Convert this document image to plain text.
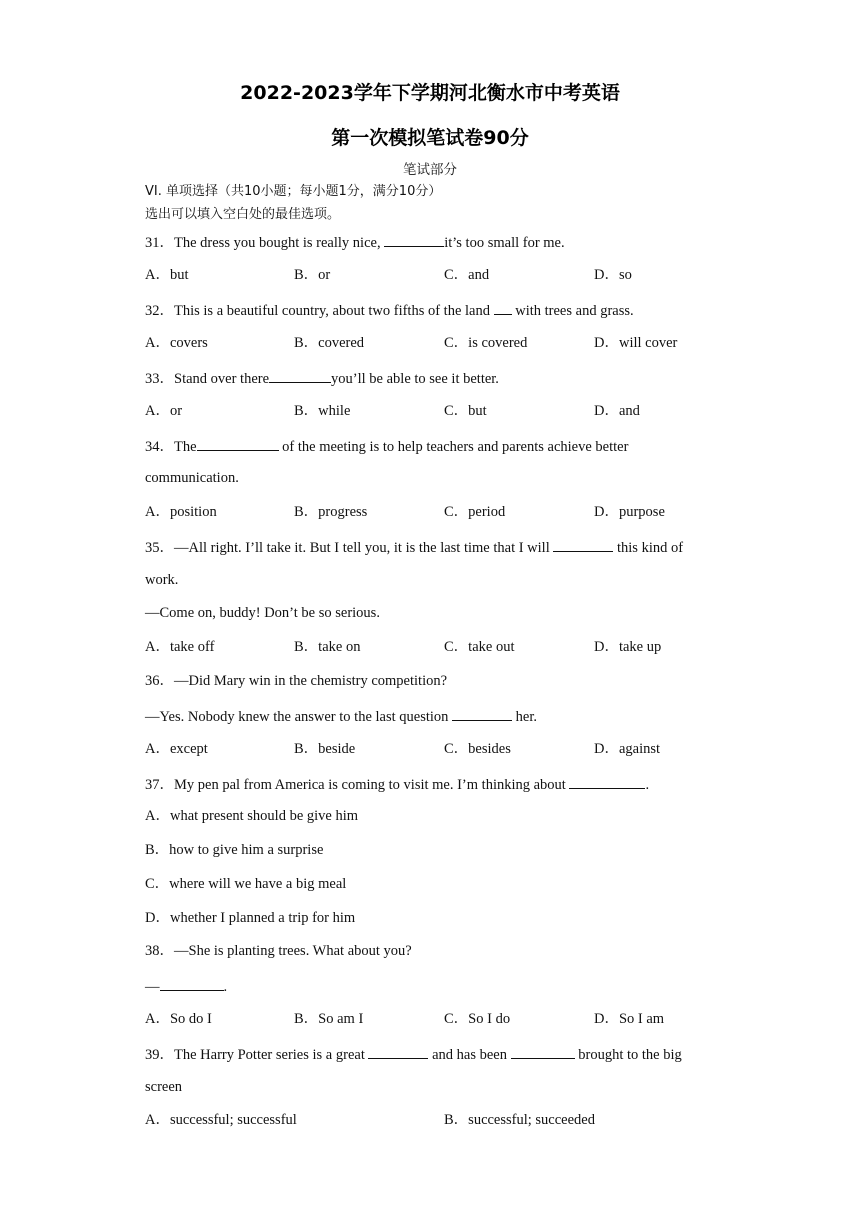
2022-2023学年下学期河北衡水市中考英语
第一次模拟笔试卷90分
笔试部分
VI. 单项选择（共10小题；每小题1分，满分10分）
选出可以填入空白处的最佳选项。
31．The dress you bought is really nice,	it’s too small for me.
A．but	B．or	C．and	D．so
32．This is a beautiful country, about two fifths of the land  with trees and grass.
A．covers	B．covered	C．is covered	D．will cover
33．Stand over there	you’ll be able to see it better.
A．or	B．while	C．but	D．and
34．The	of the meeting is to help teachers and parents achieve better
communication.
A．position	B．progress	C．period	D．purpose
35．—All right. I’ll take it. But I tell you, it is the last time that I will	this kind of
work.
—Come on, buddy! Don’t be so serious.
A．take off	B．take on	C．take out	D．take up
36．—Did Mary win in the chemistry competition?
—Yes. Nobody knew the answer to the last question	her.
A．except	B．beside	C．besides	D．against
37．My pen pal from America is coming to visit me. I’m thinking about	.
A．what present should be give him
B．how to give him a surprise
C．where will we have a big meal
D．whether I planned a trip for him
38．—She is planting trees. What about you?
—	.
A．So do I	B．So am I	C．So I do	D．So I am
39．The Harry Potter series is a great	and has been	brought to the big
screen
A．successful; successful	B．successful; succeeded
